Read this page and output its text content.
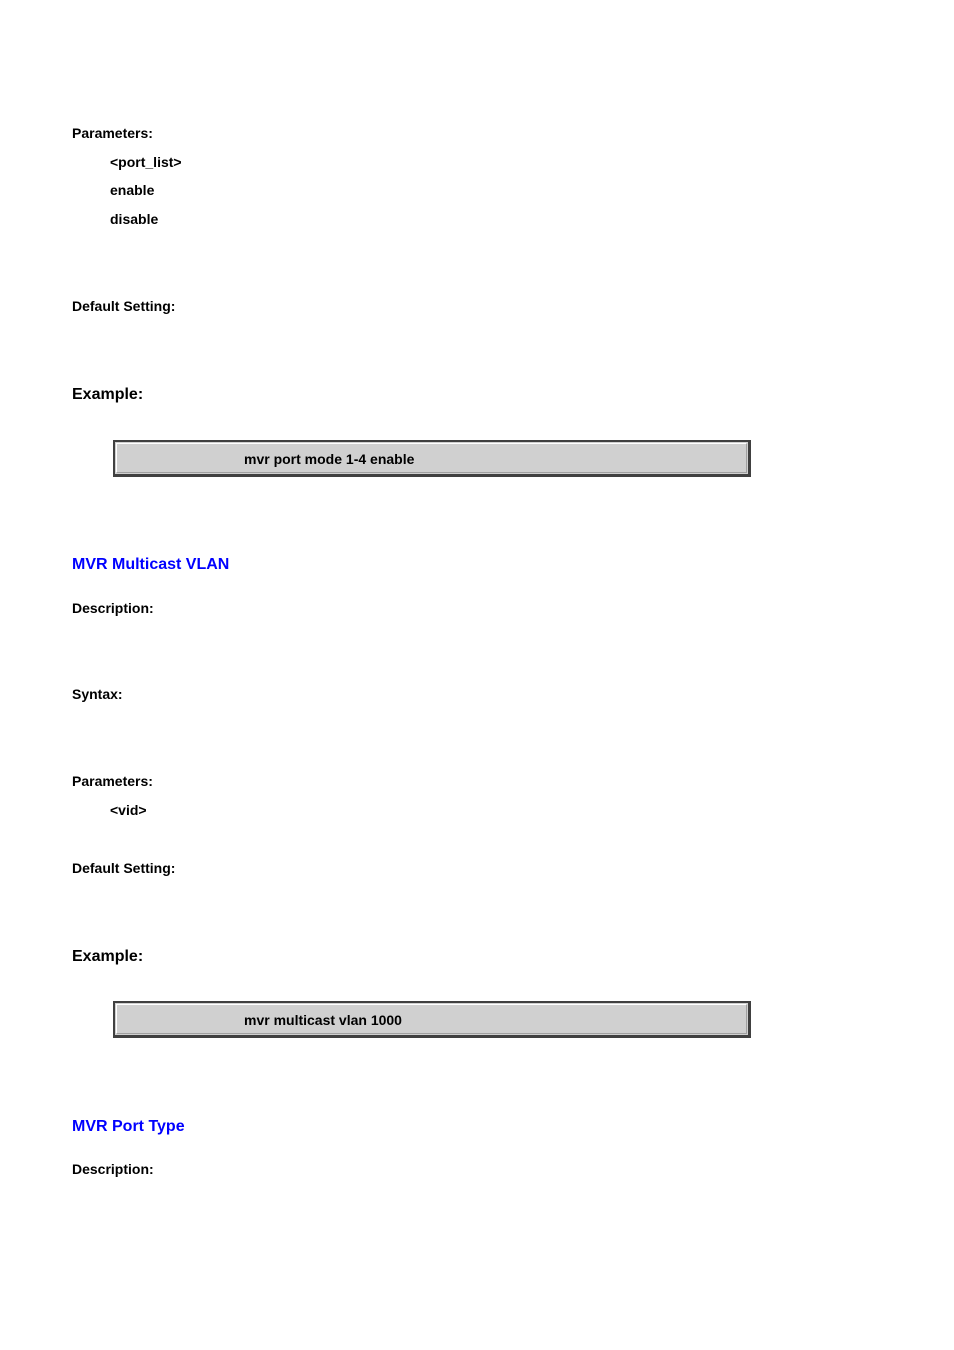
Parameters:
<port_list>
enable
disable
Default Setting:
Example:
mvr port mode 1-4 enable
MVR Multicast VLAN
Description:
Syntax:
Parameters:
<vid>
Default Setting:
Example:
mvr multicast vlan 1000
MVR Port Type
Description:
